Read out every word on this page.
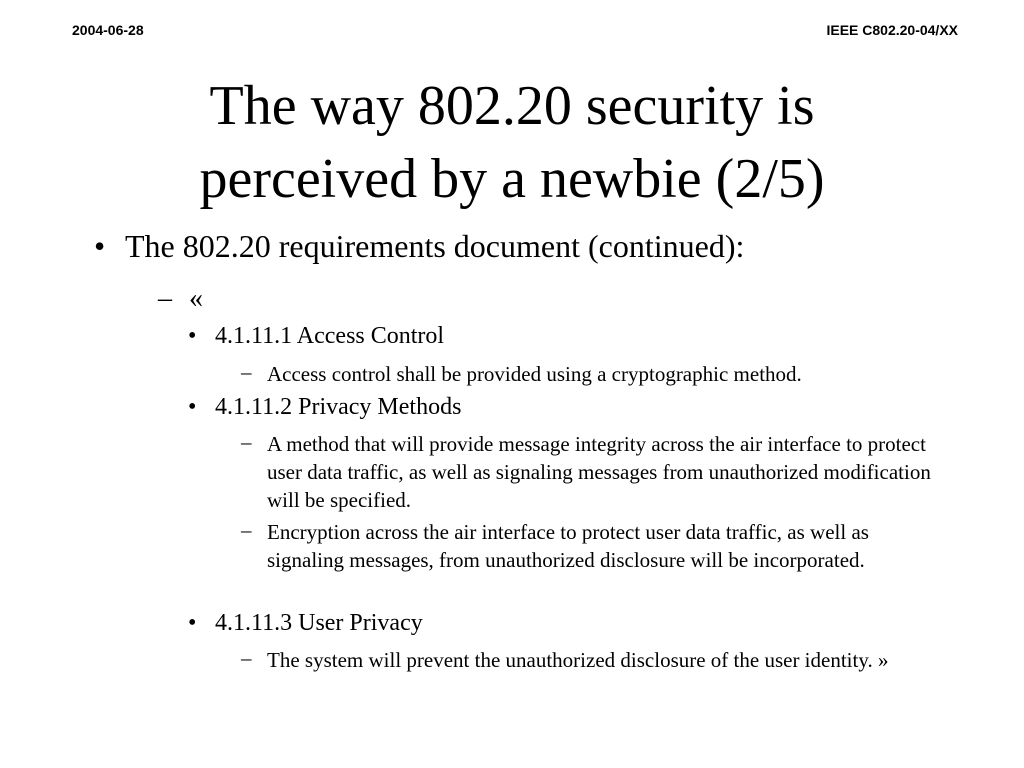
2004-06-28	IEEE C802.20-04/XX
The way 802.20 security is
perceived by a newbie (2/5)
• The 802.20 requirements document (continued):
– «
• 4.1.11.1 Access Control
– Access control shall be provided using a cryptographic method.
• 4.1.11.2 Privacy Methods
– A method that will provide message integrity across the air interface to protect user data traffic, as well as signaling messages from unauthorized modification will be specified.
– Encryption across the air interface to protect user data traffic, as well as signaling messages, from unauthorized disclosure will be incorporated.
• 4.1.11.3 User Privacy
– The system will prevent the unauthorized disclosure of the user identity. »
